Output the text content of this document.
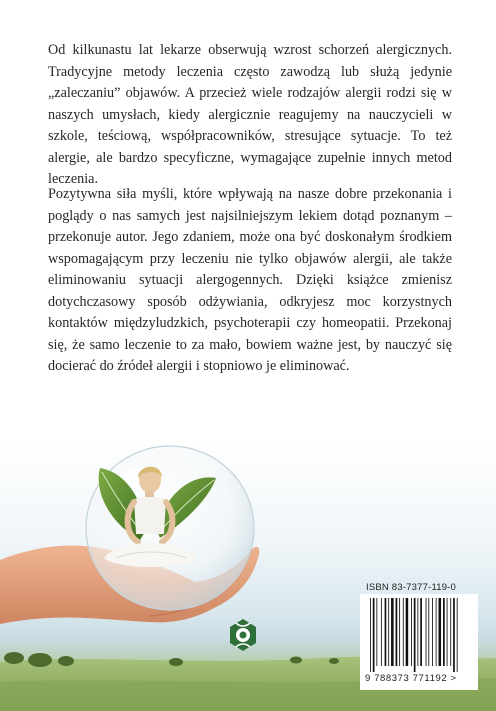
Od kilkunastu lat lekarze obserwują wzrost schorzeń alergicznych. Tradycyjne metody leczenia często zawodzą lub służą jedynie „zaleczaniu” objawów. A przecież wiele rodzajów alergii rodzi się w naszych umysłach, kiedy alergicznie reagujemy na nauczycieli w szkole, teściową, współpracowników, stresujące sytuacje. To też alergie, ale bardzo specyficzne, wymagające zupełnie innych metod leczenia.

Pozytywna siła myśli, które wpływają na nasze dobre przekonania i poglądy o nas samych jest najsilniejszym lekiem dotąd poznanym – przekonuje autor. Jego zdaniem, może ona być doskonałym środkiem wspomagającym przy leczeniu nie tylko objawów alergii, ale także eliminowaniu sytuacji alergogennych. Dzięki książce zmienisz dotychczasowy sposób odżywiania, odkryjesz moc korzystnych kontaktów międzyludzkich, psychoterapii czy homeopatii. Przekonaj się, że samo leczenie to za mało, bowiem ważne jest, by nauczyć się docierać do źródeł alergii i stopniowo je eliminować.

ISBN 83-7377-119-0
9 788373 771192 >
